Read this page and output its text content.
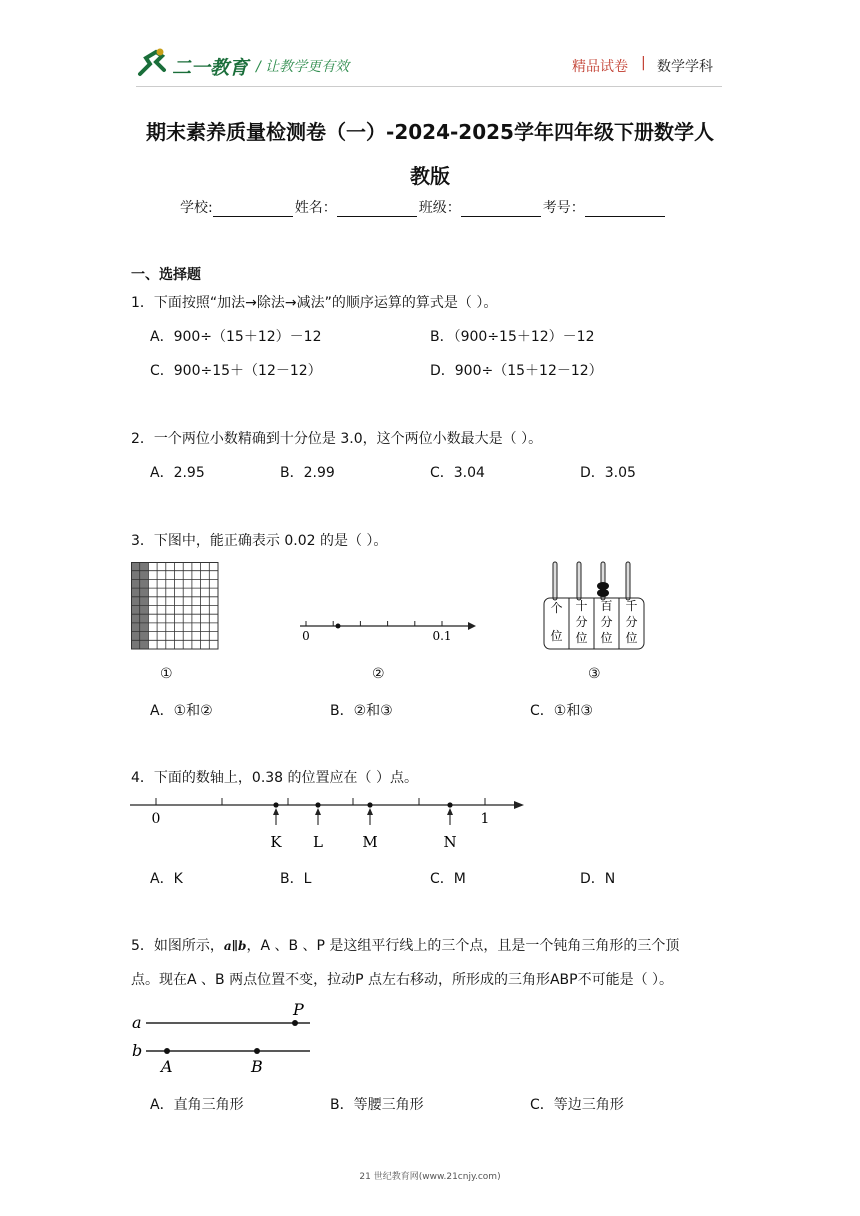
二一教育 / 让教学更有效	精品试卷 | 数学学科
期末素养质量检测卷（一）-2024-2025学年四年级下册数学人
教版
学校:	姓名：	班级：	考号：
一、选择题
1．下面按照“加法→除法→减法”的顺序运算的算式是（ ）。
A．900÷（15＋12）－12	B．（900÷15＋12）－12
C．900÷15＋（12－12）	D．900÷（15＋12－12）
2．一个两位小数精确到十分位是 3.0，这个两位小数最大是（ ）。
A．2.95	B．2.99	C．3.04	D．3.05
3．下图中，能正确表示 0.02 的是（ ）。
0	0.1
个位
十分位
百分位
千分位
①	②	③
A．①和②	B．②和③	C．①和③
4．下面的数轴上，0.38 的位置应在（ ）点。
K L	M	N
0	1
A．K	B．L	C．M	D．N
5．如图所示，a∥b，A 、B 、P 是这组平行线上的三个点，且是一个钝角三角形的三个顶
点。现在A 、B 两点位置不变，拉动P 点左右移动，所形成的三角形ABP不可能是（ ）。
a
b
P
A	B
A．直角三角形	B．等腰三角形	C．等边三角形
21 世纪教育网(www.21cnjy.com)
